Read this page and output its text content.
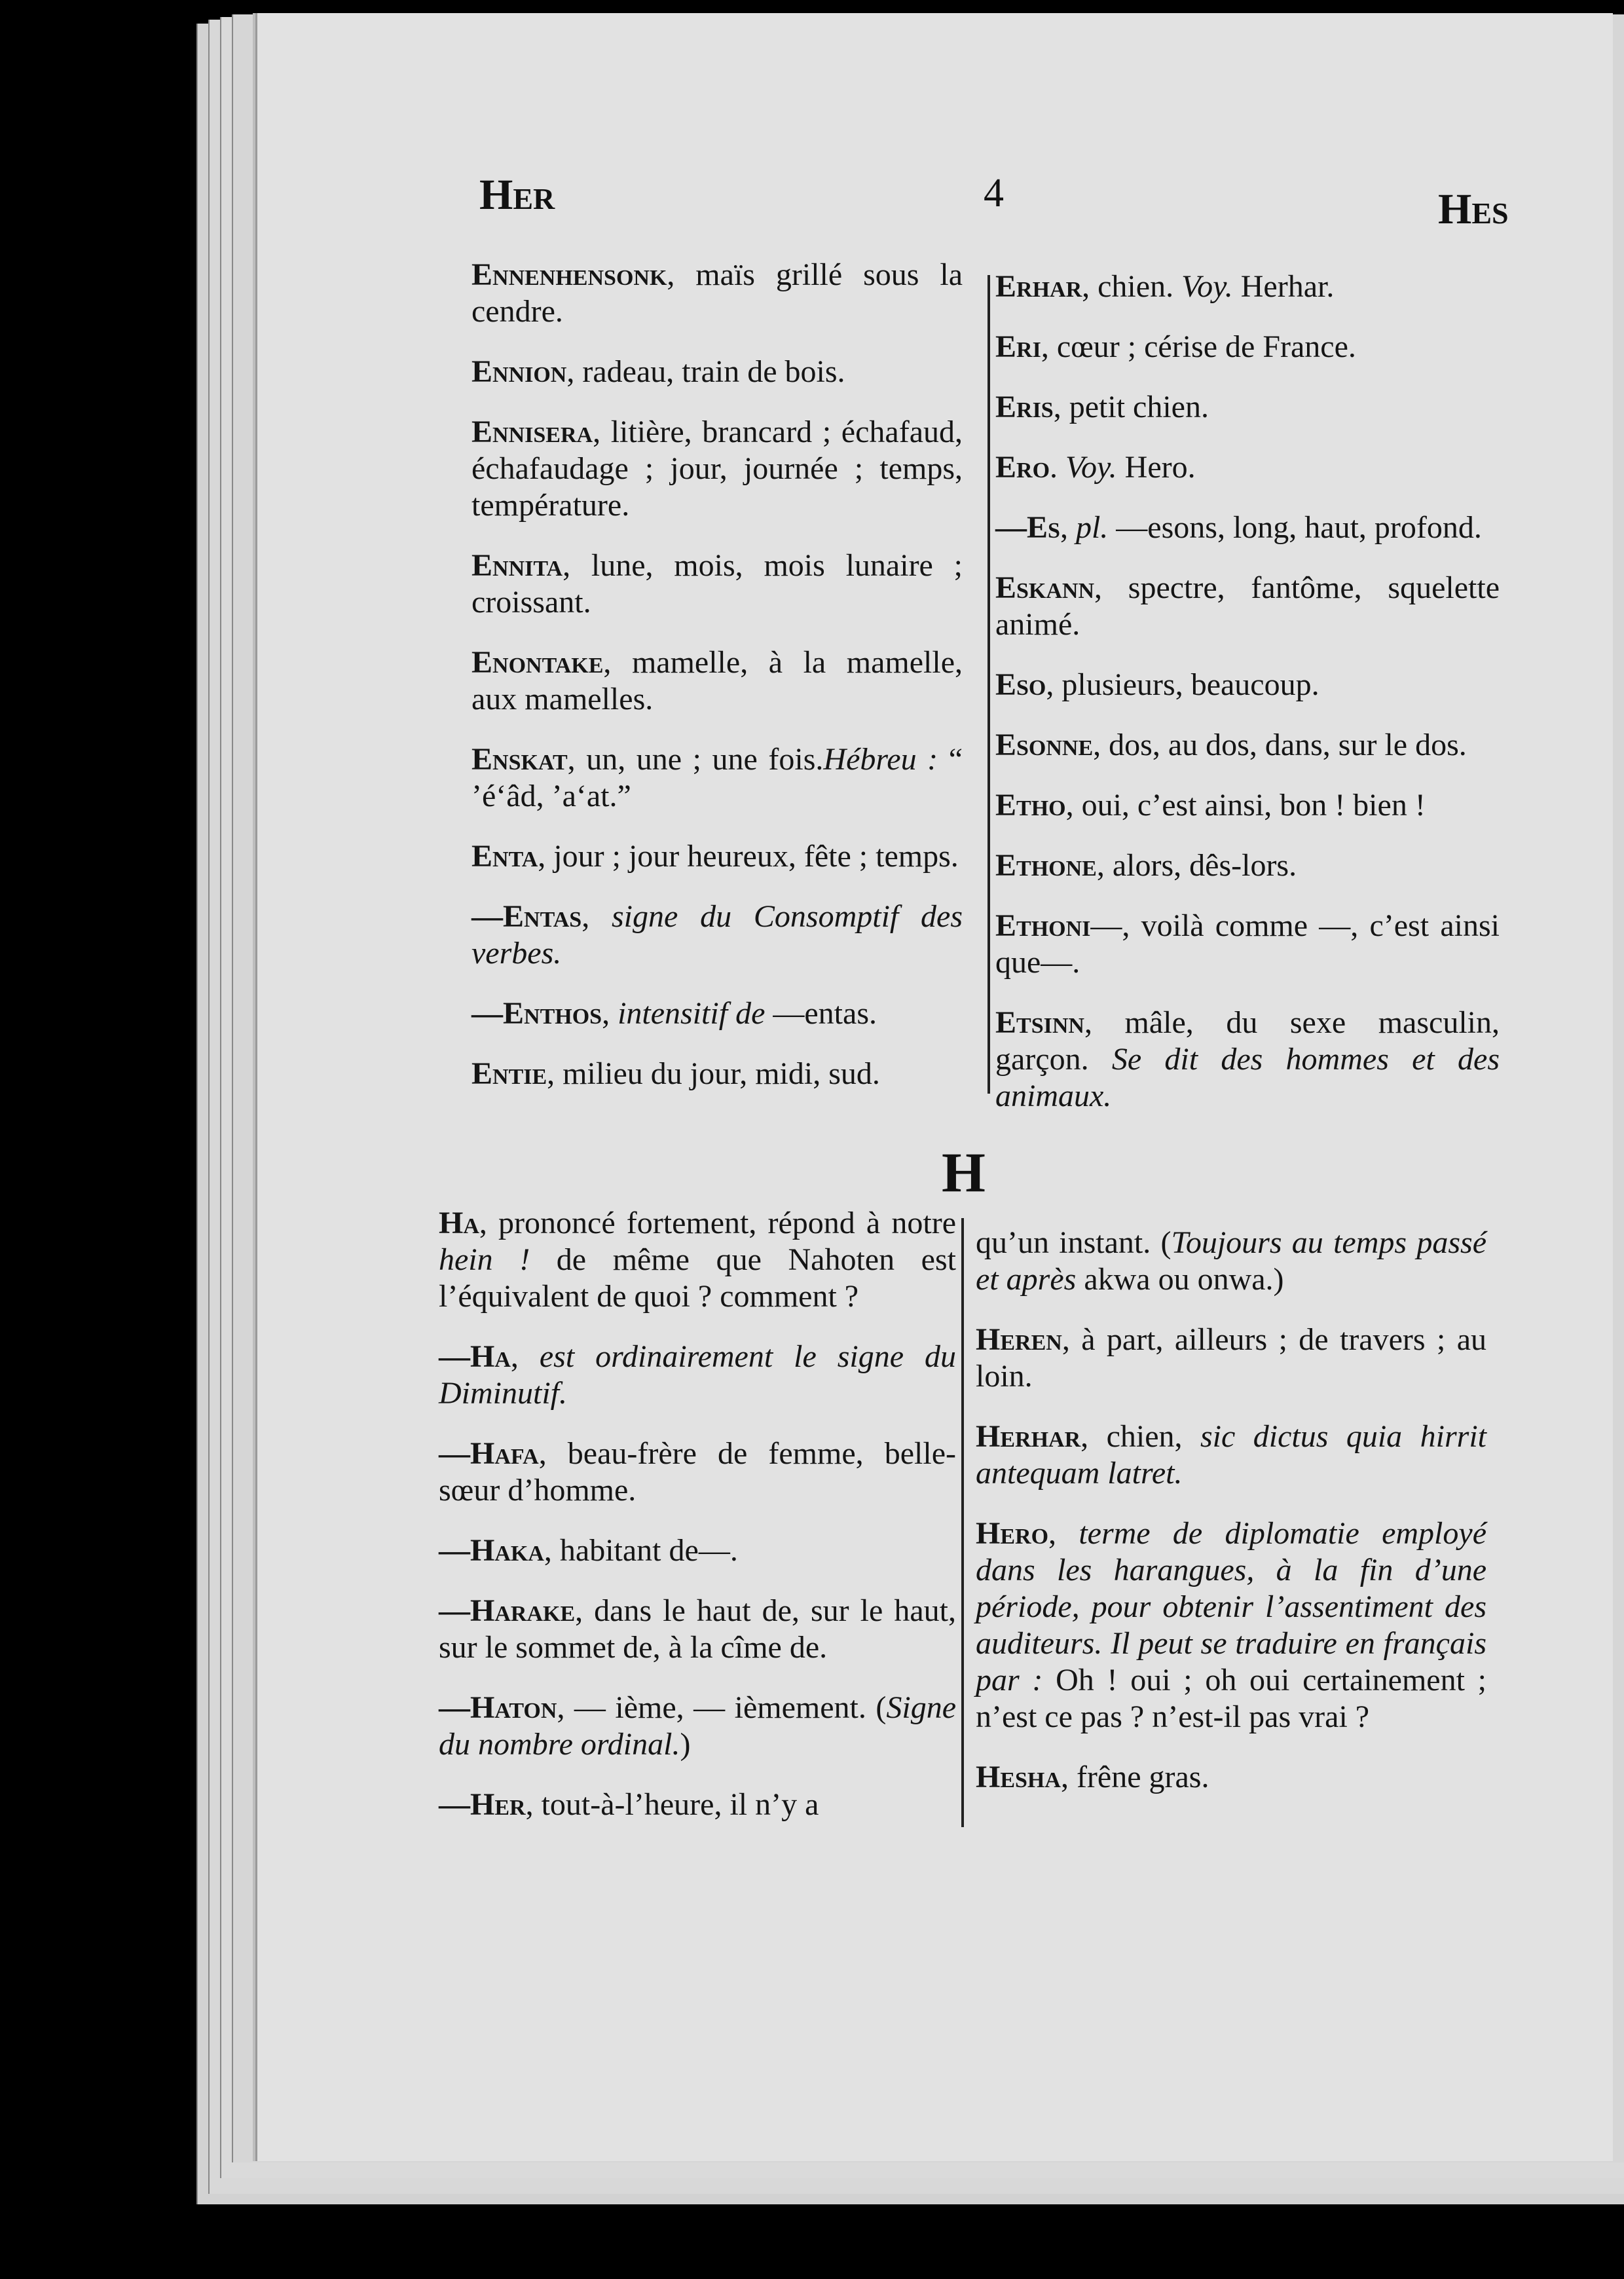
Her	4	Hes

Ennenhensonk, maïs grillé sous la cendre.

Ennion, radeau, train de bois.

Ennisera, litière, brancard ; échafaud, échafaudage ; jour, journée ; temps, température.

Ennita, lune, mois, mois lunaire ; croissant.

Enontake, mamelle, à la mamelle, aux mamelles.

Enskat, un, une ; une fois.Hébreu : “ ’é‘âd, ’a‘at.”

Enta, jour ; jour heureux, fête ; temps.

—Entas, signe du Consomptif des verbes.

—Enthos, intensitif de —entas.

Entie, milieu du jour, midi, sud.

Erhar, chien. Voy. Herhar.

Eri, cœur ; cérise de France.

Eris, petit chien.

Ero. Voy. Hero.

—Es, pl. —esons, long, haut, profond.

Eskann, spectre, fantôme, squelette animé.

Eso, plusieurs, beaucoup.

Esonne, dos, au dos, dans, sur le dos.

Etho, oui, c’est ainsi, bon ! bien !

Ethone, alors, dês-lors.

Ethoni—, voilà comme —, c’est ainsi que—.

Etsinn, mâle, du sexe masculin, garçon. Se dit des hommes et des animaux.

H

Ha, prononcé fortement, répond à notre hein ! de même que Nahoten est l’équivalent de quoi ? comment ?

—Ha, est ordinairement le signe du Diminutif.

—Hafa, beau-frère de femme, belle-sœur d’homme.

—Haka, habitant de—.

—Harake, dans le haut de, sur le haut, sur le sommet de, à la cîme de.

—Haton, — ième, — ièmement. (Signe du nombre ordinal.)

—Her, tout-à-l’heure, il n’y a

qu’un instant. (Toujours au temps passé et après akwa ou onwa.)

Heren, à part, ailleurs ; de travers ; au loin.

Herhar, chien, sic dictus quia hirrit antequam latret.

Hero, terme de diplomatie employé dans les harangues, à la fin d’une période, pour obtenir l’assentiment des auditeurs. Il peut se traduire en français par : Oh ! oui ; oh oui certainement ; n’est ce pas ? n’est-il pas vrai ?

Hesha, frêne gras.
